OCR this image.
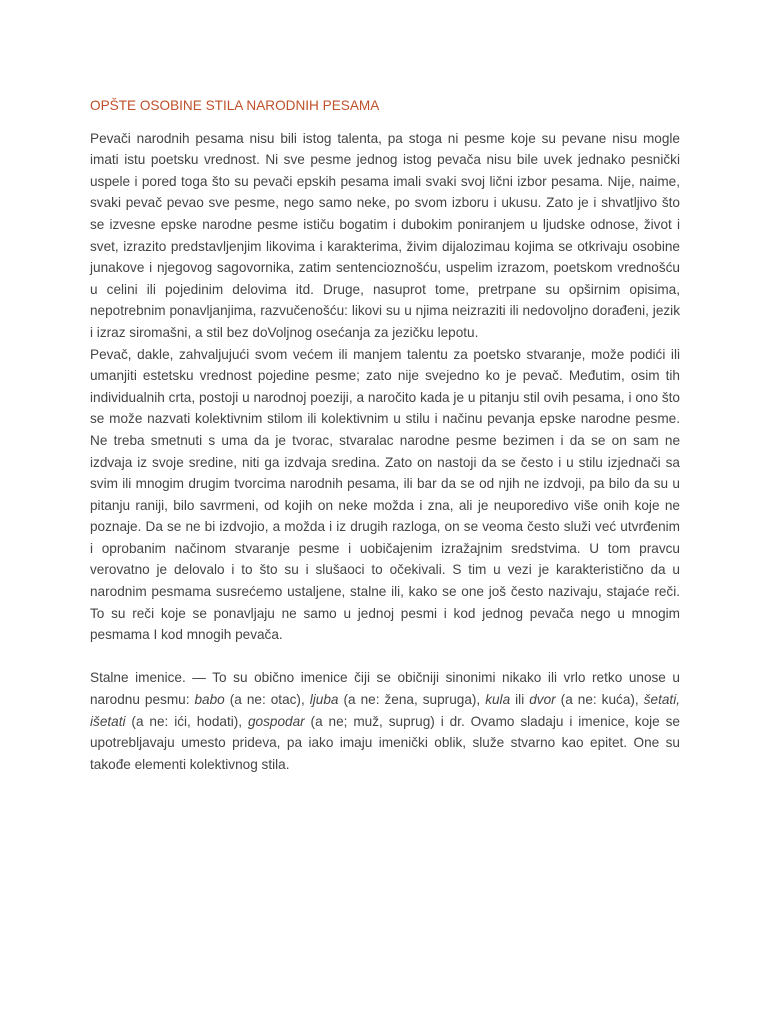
OPŠTE OSOBINE STILA NARODNIH PESAMA

Pevači narodnih pesama nisu bili istog talenta, pa stoga ni pesme koje su pevane nisu mogle imati istu poetsku vrednost. Ni sve pesme jednog istog pevača nisu bile uvek jednako pesnički uspele i pored toga što su pevači epskih pesama imali svaki svoj lični izbor pesama. Nije, naime, svaki pevač pevao sve pesme, nego samo neke, po svom izboru i ukusu. Zato je i shvatljivo što se izvesne epske narodne pesme ističu bogatim i dubokim poniranjem u ljudske odnose, život i svet, izrazito predstavljenjim likovima i karakterima, živim dijalozimau kojima se otkrivaju osobine junakove i njegovog sagovornika, zatim sentencioznošću, uspelim izrazom, poetskom vrednošću u celini ili pojedinim delovima itd. Druge, nasuprot tome, pretrpane su opširnim opisima, nepotrebnim ponavljanjima, razvučenošću: likovi su u njima neizraziti ili nedovoljno dorađeni, jezik i izraz siromašni, a stil bez doVoljnog osećanja za jezičku lepotu.

Pevač, dakle, zahvaljujući svom većem ili manjem talentu za poetsko stvaranje, može podići ili umanjiti estetsku vrednost pojedine pesme; zato nije svejedno ko je pevač. Međutim, osim tih individualnih crta, postoji u narodnoj poeziji, a naročito kada je u pitanju stil ovih pesama, i ono što se može nazvati kolektivnim stilom ili kolektivnim u stilu i načinu pevanja epske narodne pesme. Ne treba smetnuti s uma da je tvorac, stvaralac narodne pesme bezimen i da se on sam ne izdvaja iz svoje sredine, niti ga izdvaja sredina. Zato on nastoji da se često i u stilu izjednači sa svim ili mnogim drugim tvorcima narodnih pesama, ili bar da se od njih ne izdvoji, pa bilo da su u pitanju raniji, bilo savrmeni, od kojih on neke možda i zna, ali je neuporedivo više onih koje ne poznaje. Da se ne bi izdvojio, a možda i iz drugih razloga, on se veoma često služi već utvrđenim i oprobanim načinom stvaranje pesme i uobičajenim izražajnim sredstvima. U tom pravcu verovatno je delovalo i to što su i slušaoci to očekivali. S tim u vezi je karakteristično da u narodnim pesmama susrećemo ustaljene, stalne ili, kako se one još često nazivaju, stajaće reči. To su reči koje se ponavljaju ne samo u jednoj pesmi i kod jednog pevača nego u mnogim pesmama I kod mnogih pevača.

Stalne imenice. — To su obično imenice čiji se običniji sinonimi nikako ili vrlo retko unose u narodnu pesmu: babo (a ne: otac), ljuba (a ne: žena, supruga), kula ili dvor (a ne: kuća), šetati, išetati (a ne: ići, hodati), gospodar (a ne; muž, suprug) i dr. Ovamo sladaju i imenice, koje se upotrebljavaju umesto prideva, pa iako imaju imenički oblik, služe stvarno kao epitet. One su takođe elementi kolektivnog stila.
